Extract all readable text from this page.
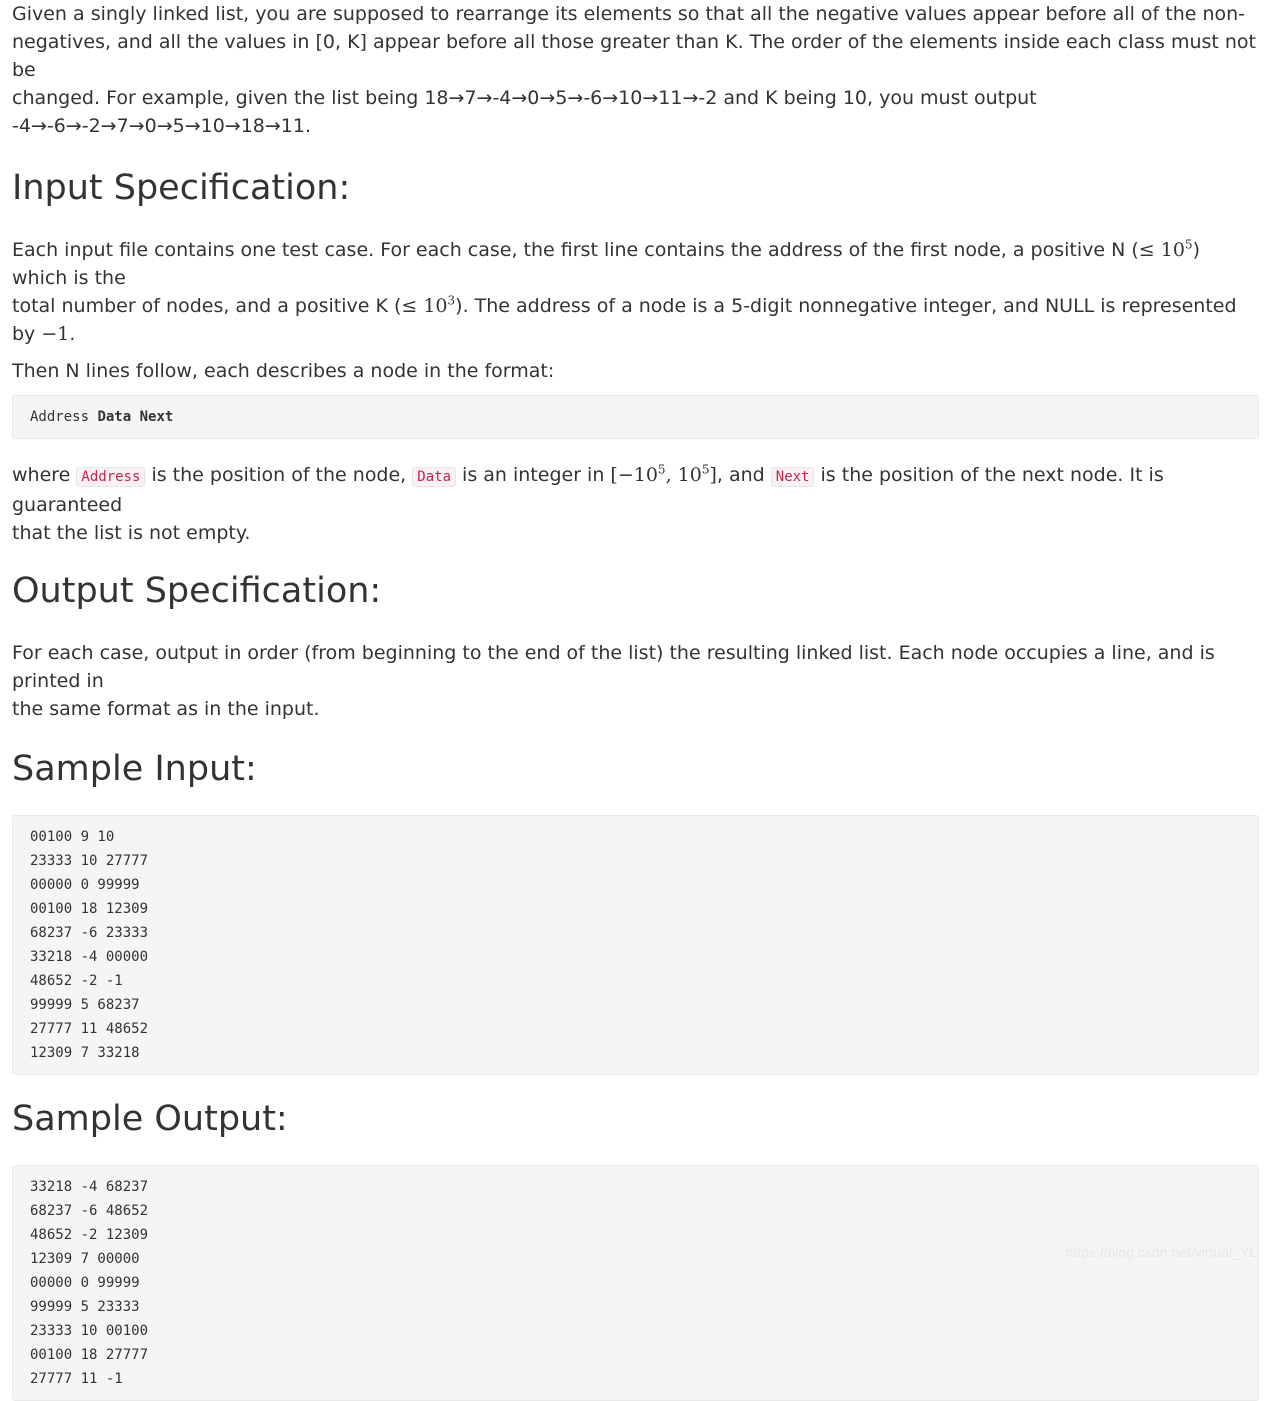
Given a singly linked list, you are supposed to rearrange its elements so that all the negative values appear before all of the non-
negatives, and all the values in [0, K] appear before all those greater than K. The order of the elements inside each class must not be
changed. For example, given the list being 18→7→-4→0→5→-6→10→11→-2 and K being 10, you must output
-4→-6→-2→7→0→5→10→18→11.

Input Specification:

Each input file contains one test case. For each case, the first line contains the address of the first node, a positive N (≤ $10^5$) which is the
total number of nodes, and a positive K (≤ $10^3$). The address of a node is a 5-digit nonnegative integer, and NULL is represented by −1.

Then N lines follow, each describes a node in the format:

Address Data Next

where Address is the position of the node, Data is an integer in [$-10^5$, $10^5$], and Next is the position of the next node. It is guaranteed
that the list is not empty.

Output Specification:

For each case, output in order (from beginning to the end of the list) the resulting linked list. Each node occupies a line, and is printed in
the same format as in the input.

Sample Input:
00100 9 10
23333 10 27777
00000 0 99999
00100 18 12309
68237 -6 23333
33218 -4 00000
48652 -2 -1
99999 5 68237
27777 11 48652
12309 7 33218
Sample Output:
33218 -4 68237
68237 -6 48652
48652 -2 12309
12309 7 00000
00000 0 99999
99999 5 23333
23333 10 00100
00100 18 27777
27777 11 -1
https://blog.csdn.net/virtual_YL
